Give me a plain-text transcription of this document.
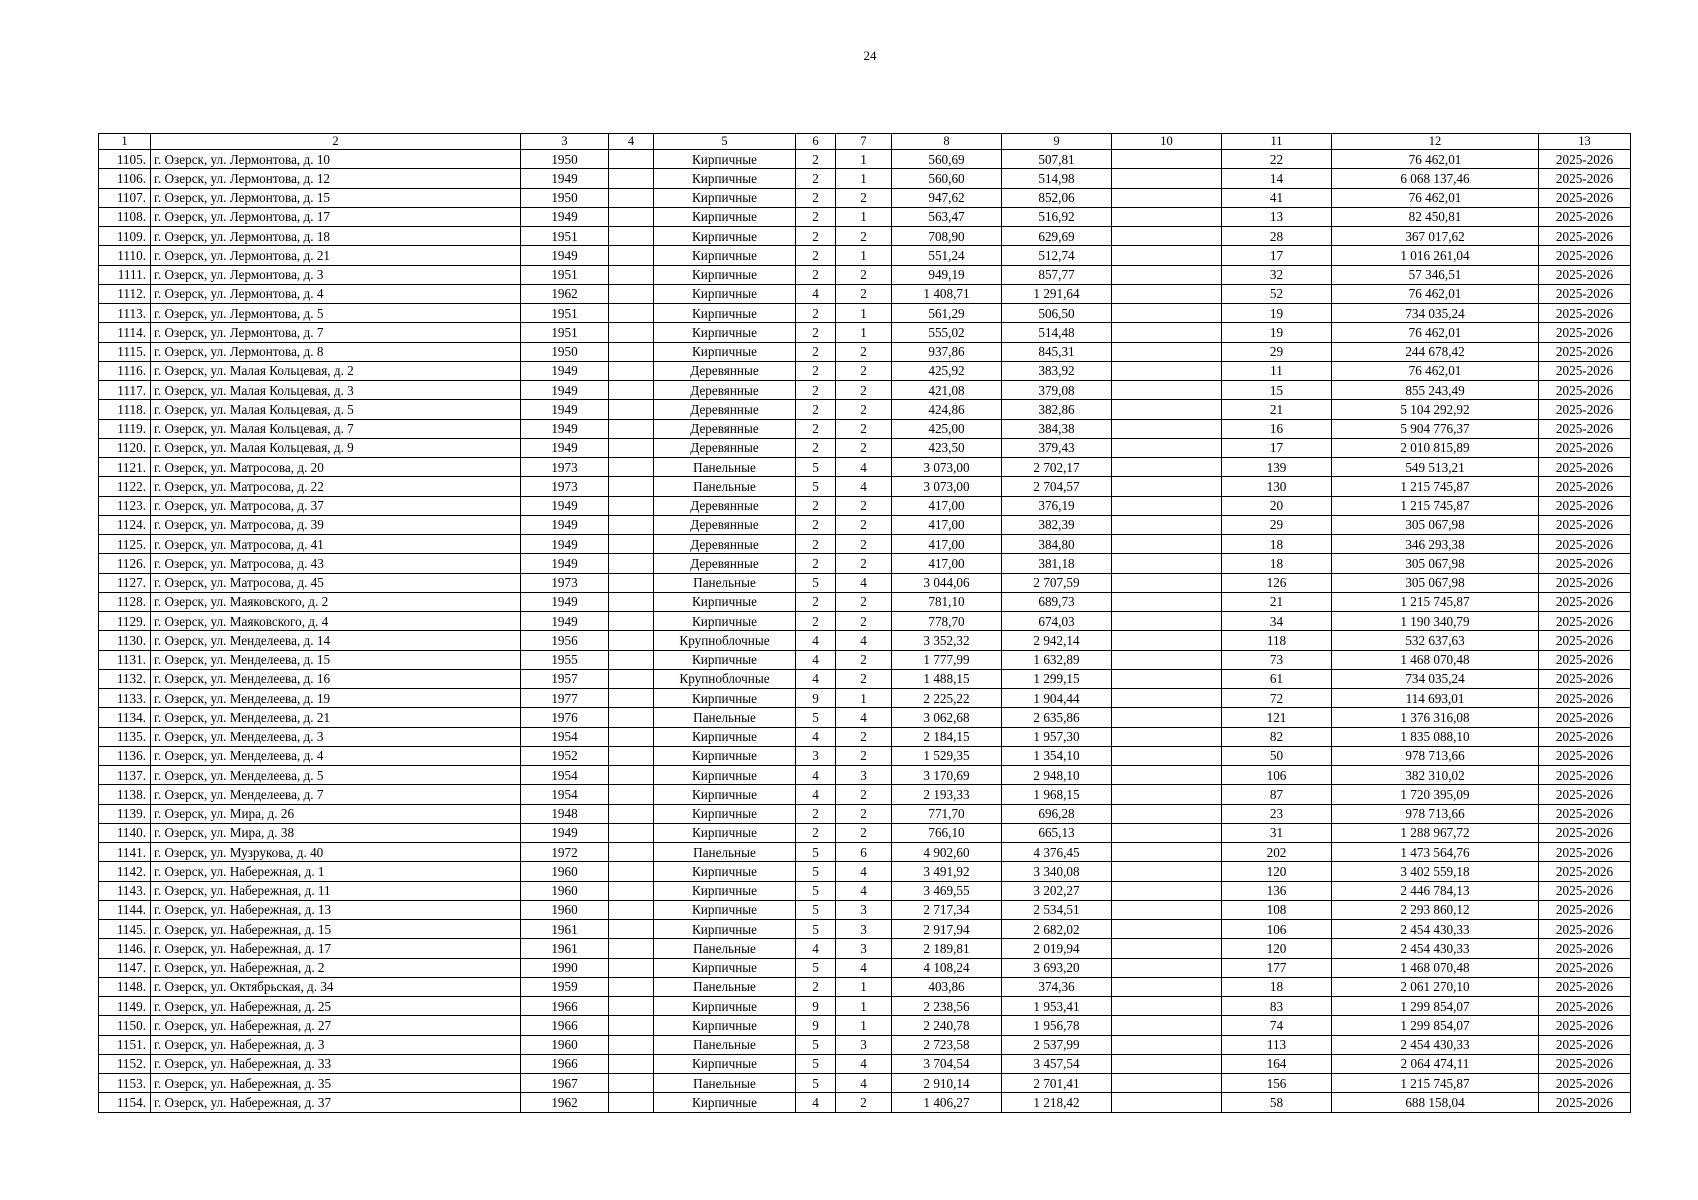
24
1	2	3	4	5	6	7	8	9	10	11	12	13
1105.	г. Озерск, ул. Лермонтова, д. 10	1950		Кирпичные	2	1	560,69	507,81		22	76 462,01	2025-2026
1106.	г. Озерск, ул. Лермонтова, д. 12	1949		Кирпичные	2	1	560,60	514,98		14	6 068 137,46	2025-2026
1107.	г. Озерск, ул. Лермонтова, д. 15	1950		Кирпичные	2	2	947,62	852,06		41	76 462,01	2025-2026
1108.	г. Озерск, ул. Лермонтова, д. 17	1949		Кирпичные	2	1	563,47	516,92		13	82 450,81	2025-2026
1109.	г. Озерск, ул. Лермонтова, д. 18	1951		Кирпичные	2	2	708,90	629,69		28	367 017,62	2025-2026
1110.	г. Озерск, ул. Лермонтова, д. 21	1949		Кирпичные	2	1	551,24	512,74		17	1 016 261,04	2025-2026
1111.	г. Озерск, ул. Лермонтова, д. 3	1951		Кирпичные	2	2	949,19	857,77		32	57 346,51	2025-2026
1112.	г. Озерск, ул. Лермонтова, д. 4	1962		Кирпичные	4	2	1 408,71	1 291,64		52	76 462,01	2025-2026
1113.	г. Озерск, ул. Лермонтова, д. 5	1951		Кирпичные	2	1	561,29	506,50		19	734 035,24	2025-2026
1114.	г. Озерск, ул. Лермонтова, д. 7	1951		Кирпичные	2	1	555,02	514,48		19	76 462,01	2025-2026
1115.	г. Озерск, ул. Лермонтова, д. 8	1950		Кирпичные	2	2	937,86	845,31		29	244 678,42	2025-2026
1116.	г. Озерск, ул. Малая Кольцевая, д. 2	1949		Деревянные	2	2	425,92	383,92		11	76 462,01	2025-2026
1117.	г. Озерск, ул. Малая Кольцевая, д. 3	1949		Деревянные	2	2	421,08	379,08		15	855 243,49	2025-2026
1118.	г. Озерск, ул. Малая Кольцевая, д. 5	1949		Деревянные	2	2	424,86	382,86		21	5 104 292,92	2025-2026
1119.	г. Озерск, ул. Малая Кольцевая, д. 7	1949		Деревянные	2	2	425,00	384,38		16	5 904 776,37	2025-2026
1120.	г. Озерск, ул. Малая Кольцевая, д. 9	1949		Деревянные	2	2	423,50	379,43		17	2 010 815,89	2025-2026
1121.	г. Озерск, ул. Матросова, д. 20	1973		Панельные	5	4	3 073,00	2 702,17		139	549 513,21	2025-2026
1122.	г. Озерск, ул. Матросова, д. 22	1973		Панельные	5	4	3 073,00	2 704,57		130	1 215 745,87	2025-2026
1123.	г. Озерск, ул. Матросова, д. 37	1949		Деревянные	2	2	417,00	376,19		20	1 215 745,87	2025-2026
1124.	г. Озерск, ул. Матросова, д. 39	1949		Деревянные	2	2	417,00	382,39		29	305 067,98	2025-2026
1125.	г. Озерск, ул. Матросова, д. 41	1949		Деревянные	2	2	417,00	384,80		18	346 293,38	2025-2026
1126.	г. Озерск, ул. Матросова, д. 43	1949		Деревянные	2	2	417,00	381,18		18	305 067,98	2025-2026
1127.	г. Озерск, ул. Матросова, д. 45	1973		Панельные	5	4	3 044,06	2 707,59		126	305 067,98	2025-2026
1128.	г. Озерск, ул. Маяковского, д. 2	1949		Кирпичные	2	2	781,10	689,73		21	1 215 745,87	2025-2026
1129.	г. Озерск, ул. Маяковского, д. 4	1949		Кирпичные	2	2	778,70	674,03		34	1 190 340,79	2025-2026
1130.	г. Озерск, ул. Менделеева, д. 14	1956		Крупноблочные	4	4	3 352,32	2 942,14		118	532 637,63	2025-2026
1131.	г. Озерск, ул. Менделеева, д. 15	1955		Кирпичные	4	2	1 777,99	1 632,89		73	1 468 070,48	2025-2026
1132.	г. Озерск, ул. Менделеева, д. 16	1957		Крупноблочные	4	2	1 488,15	1 299,15		61	734 035,24	2025-2026
1133.	г. Озерск, ул. Менделеева, д. 19	1977		Кирпичные	9	1	2 225,22	1 904,44		72	114 693,01	2025-2026
1134.	г. Озерск, ул. Менделеева, д. 21	1976		Панельные	5	4	3 062,68	2 635,86		121	1 376 316,08	2025-2026
1135.	г. Озерск, ул. Менделеева, д. 3	1954		Кирпичные	4	2	2 184,15	1 957,30		82	1 835 088,10	2025-2026
1136.	г. Озерск, ул. Менделеева, д. 4	1952		Кирпичные	3	2	1 529,35	1 354,10		50	978 713,66	2025-2026
1137.	г. Озерск, ул. Менделеева, д. 5	1954		Кирпичные	4	3	3 170,69	2 948,10		106	382 310,02	2025-2026
1138.	г. Озерск, ул. Менделеева, д. 7	1954		Кирпичные	4	2	2 193,33	1 968,15		87	1 720 395,09	2025-2026
1139.	г. Озерск, ул. Мира, д. 26	1948		Кирпичные	2	2	771,70	696,28		23	978 713,66	2025-2026
1140.	г. Озерск, ул. Мира, д. 38	1949		Кирпичные	2	2	766,10	665,13		31	1 288 967,72	2025-2026
1141.	г. Озерск, ул. Музрукова, д. 40	1972		Панельные	5	6	4 902,60	4 376,45		202	1 473 564,76	2025-2026
1142.	г. Озерск, ул. Набережная, д. 1	1960		Кирпичные	5	4	3 491,92	3 340,08		120	3 402 559,18	2025-2026
1143.	г. Озерск, ул. Набережная, д. 11	1960		Кирпичные	5	4	3 469,55	3 202,27		136	2 446 784,13	2025-2026
1144.	г. Озерск, ул. Набережная, д. 13	1960		Кирпичные	5	3	2 717,34	2 534,51		108	2 293 860,12	2025-2026
1145.	г. Озерск, ул. Набережная, д. 15	1961		Кирпичные	5	3	2 917,94	2 682,02		106	2 454 430,33	2025-2026
1146.	г. Озерск, ул. Набережная, д. 17	1961		Панельные	4	3	2 189,81	2 019,94		120	2 454 430,33	2025-2026
1147.	г. Озерск, ул. Набережная, д. 2	1990		Кирпичные	5	4	4 108,24	3 693,20		177	1 468 070,48	2025-2026
1148.	г. Озерск, ул. Октябрьская, д. 34	1959		Панельные	2	1	403,86	374,36		18	2 061 270,10	2025-2026
1149.	г. Озерск, ул. Набережная, д. 25	1966		Кирпичные	9	1	2 238,56	1 953,41		83	1 299 854,07	2025-2026
1150.	г. Озерск, ул. Набережная, д. 27	1966		Кирпичные	9	1	2 240,78	1 956,78		74	1 299 854,07	2025-2026
1151.	г. Озерск, ул. Набережная, д. 3	1960		Панельные	5	3	2 723,58	2 537,99		113	2 454 430,33	2025-2026
1152.	г. Озерск, ул. Набережная, д. 33	1966		Кирпичные	5	4	3 704,54	3 457,54		164	2 064 474,11	2025-2026
1153.	г. Озерск, ул. Набережная, д. 35	1967		Панельные	5	4	2 910,14	2 701,41		156	1 215 745,87	2025-2026
1154.	г. Озерск, ул. Набережная, д. 37	1962		Кирпичные	4	2	1 406,27	1 218,42		58	688 158,04	2025-2026
